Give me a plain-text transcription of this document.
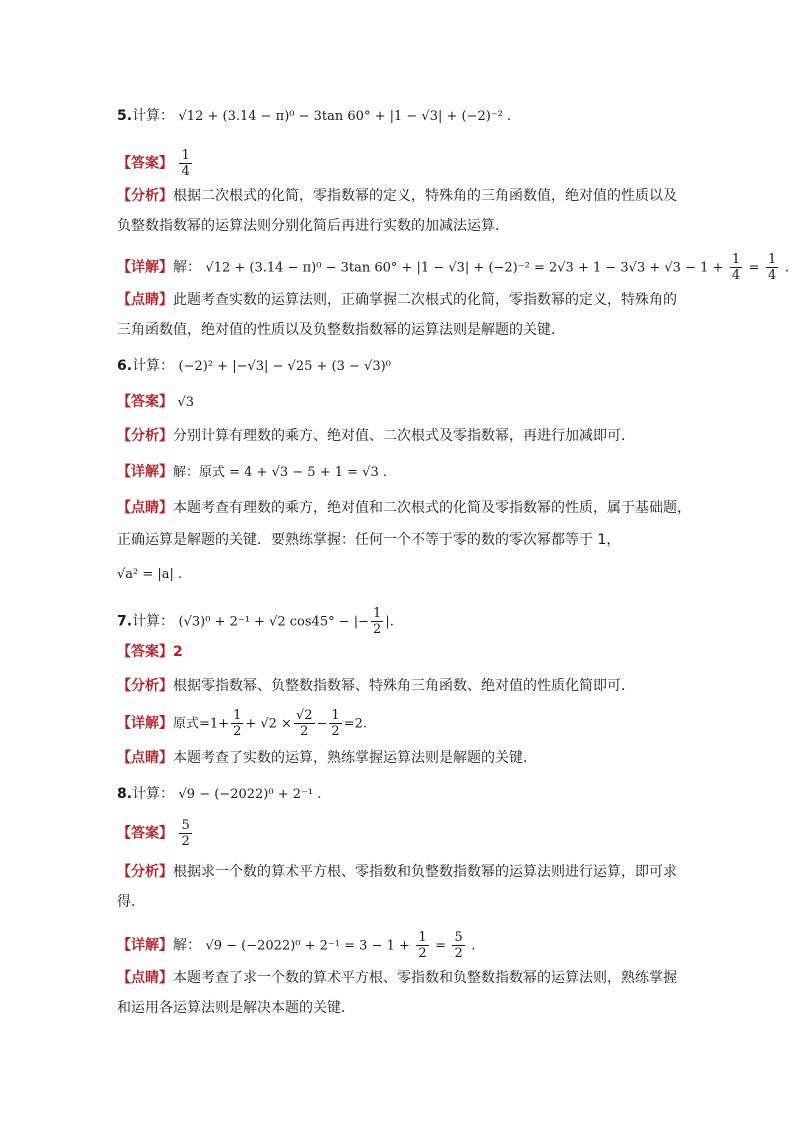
5.计算： √12 + (3.14 − π)⁰ − 3tan 60° + |1 − √3| + (−2)⁻² .
【答案】 $\frac{1}{4}$
【分析】根据二次根式的化简，零指数幂的定义，特殊角的三角函数值，绝对值的性质以及
负整数指数幂的运算法则分别化简后再进行实数的加减法运算．
【详解】解： √12 + (3.14 − π)⁰ − 3tan $60^\circ + |1 - √3| + (-2)^{-2} = 2√3 + 1 - 3√3 + √3 - 1 + \frac{1}{4} = \frac{1}{4}$ .
【点睛】此题考查实数的运算法则，正确掌握二次根式的化简，零指数幂的定义，特殊角的
三角函数值，绝对值的性质以及负整数指数幂的运算法则是解题的关键．
6.计算： (−2)² + |−√3| − √25 + (3 − √3)⁰
【答案】 √3
【分析】分别计算有理数的乘方、绝对值、二次根式及零指数幂，再进行加减即可．
【详解】解：原式 = 4 + √3 − 5 + 1 = √3 .
【点睛】本题考查有理数的乘方，绝对值和二次根式的化简及零指数幂的性质，属于基础题，
正确运算是解题的关键．要熟练掌握：任何一个不等于零的数的零次幂都等于 1，
√a² = |a| .
7.计算： (√3)⁰ + 2⁻¹ + √2 cos45° − |− $\frac{1}{2}$ |.
【答案】2
【分析】根据零指数幂、负整数指数幂、特殊角三角函数、绝对值的性质化简即可．
【详解】原式$=1+ \frac{1}{2} + √2 \times \frac{√2}{2} - \frac{1}{2} =2$.
【点睛】本题考查了实数的运算，熟练掌握运算法则是解题的关键．
8.计算： √9 − (−2022)⁰ + 2⁻¹ .
【答案】 $\frac{5}{2}$
【分析】根据求一个数的算术平方根、零指数和负整数指数幂的运算法则进行运算，即可求
得．
【详解】解： $√9 - (-2022)^0 + 2^{-1} = 3 - 1 + \frac{1}{2} = \frac{5}{2}$ .
【点睛】本题考查了求一个数的算术平方根、零指数和负整数指数幂的运算法则，熟练掌握
和运用各运算法则是解决本题的关键．
